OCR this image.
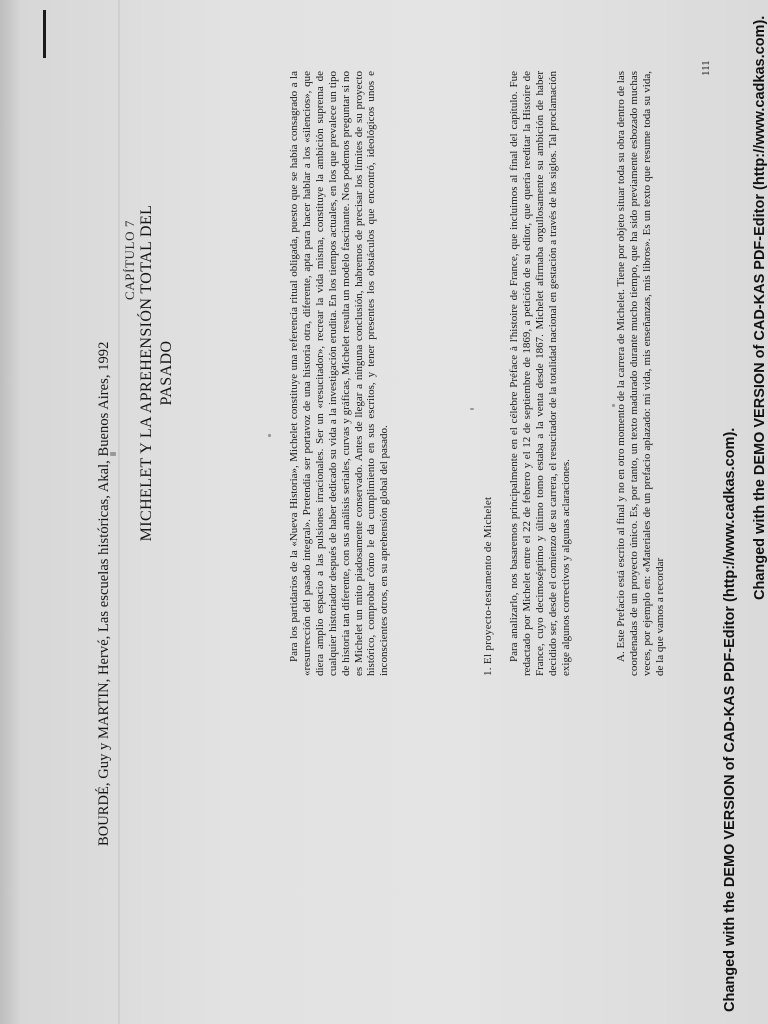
BOURDÉ, Guy y MARTIN, Hervé, Las escuelas históricas, Akal, Buenos Aires, 1992
CAPÍTULO 7 MICHELET Y LA APREHENSIÓN TOTAL DEL PASADO	Para los partidarios de la «Nueva Historia», Michelet constituye una referencia ritual obligada, puesto que se había consagrado a la «resurrección del pasado integral». Pretendía ser portavoz de una historia otra, diferente, apta para hacer hablar a los «silencios», que diera amplio espacio a las pulsiones irracionales. Ser un «resucitador», recrear la vida misma, constituye la ambición suprema de cualquier historiador después de haber dedicado su vida a la investigación erudita. En los tiempos actuales, en los que prevalece un tipo de historia tan diferente, con sus análisis seriales, curvas y gráficas, Michelet resulta un modelo fascinante. Nos podemos preguntar si no es Michelet un mito piadosamente conservado. Antes de llegar a ninguna conclusión, habremos de precisar los límites de su proyecto histórico, comprobar cómo le da cumplimiento en sus escritos, y tener presentes los obstáculos que encontró, ideológicos unos e inconscientes otros, en su aprehensión global del pasado.	1. El proyecto-testamento de Michelet Para analizarlo, nos basaremos principalmente en el célebre Préface à l'histoire de France, que incluimos al final del capítulo. Fue redactado por Michelet entre el 22 de febrero y el 12 de septiembre de 1869, a petición de su editor, que quería reeditar la Histoire de France, cuyo decimoséptimo y último tomo estaba a la venta desde 1867. Michelet afirmaba orgullosamente su ambición de haber decidido ser, desde el comienzo de su carrera, el resucitador de la totalidad nacional en gestación a través de los siglos. Tal proclamación exige algunos correctivos y algunas aclaraciones.	A. Este Prefacio está escrito al final y no en otro momento de la carrera de Michelet. Tiene por objeto situar toda su obra dentro de las coordenadas de un proyecto único. Es, por tanto, un texto madurado durante mucho tiempo, que ha sido previamente esbozado muchas veces, por ejemplo en: «Materiales de un prefacio aplazado: mi vida, mis enseñanzas, mis libros». Es un texto que resume toda su vida, de la que vamos a recordar
111
Changed with the DEMO VERSION of CAD-KAS PDF-Editor (http://www.cadkas.com).
Changed with the DEMO VERSION of CAD-KAS PDF-Editor (http://www.cadkas.com).
